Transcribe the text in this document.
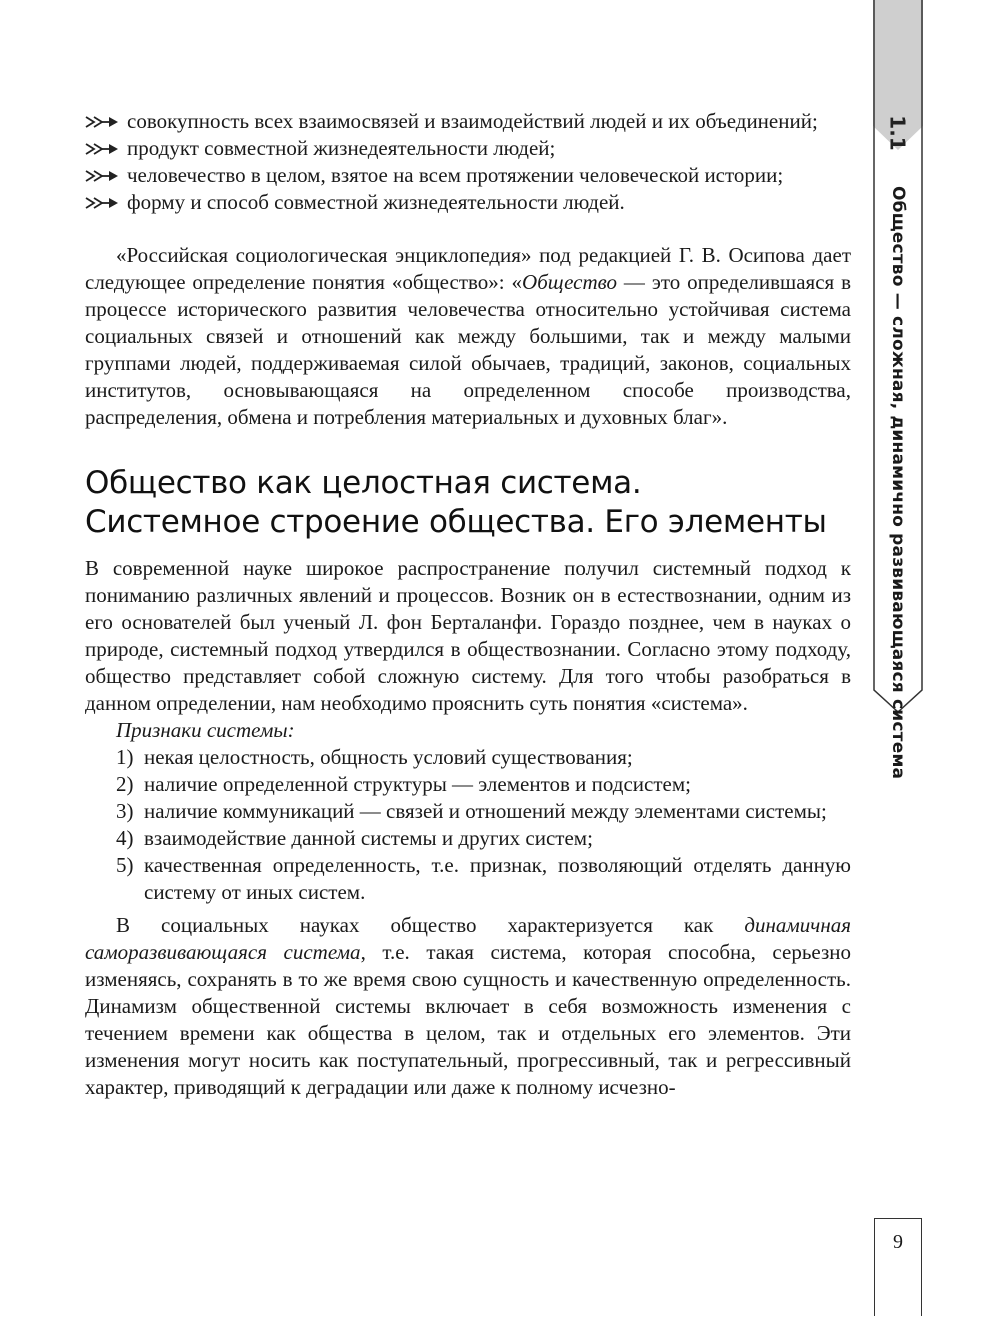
совокупность всех взаимосвязей и взаимодействий людей и их объединений;
продукт совместной жизнедеятельности людей;
человечество в целом, взятое на всем протяжении человеческой истории;
форму и способ совместной жизнедеятельности людей.

«Российская социологическая энциклопедия» под редакцией Г. В. Осипова дает следующее определение понятия «общество»: «Общество — это определившаяся в процессе исторического развития человечества относительно устойчивая система социальных связей и отношений как между большими, так и между малыми группами людей, поддерживаемая силой обычаев, традиций, законов, социальных институтов, основывающаяся на определенном способе производства, распределения, обмена и потребления материальных и духовных благ».

Общество как целостная система.
Системное строение общества. Его элементы

В современной науке широкое распространение получил системный подход к пониманию различных явлений и процессов. Возник он в естествознании, одним из его основателей был ученый Л. фон Берталанфи. Гораздо позднее, чем в науках о природе, системный подход утвердился в обществознании. Согласно этому подходу, общество представляет собой сложную систему. Для того чтобы разобраться в данном определении, нам необходимо прояснить суть понятия «система».

Признаки системы:

1) некая целостность, общность условий существования;
2) наличие определенной структуры — элементов и подсистем;
3) наличие коммуникаций — связей и отношений между элементами системы;
4) взаимодействие данной системы и других систем;
5) качественная определенность, т.е. признак, позволяющий отделять данную систему от иных систем.

В социальных науках общество характеризуется как динамичная саморазвивающаяся система, т.е. такая система, которая способна, серьезно изменяясь, сохранять в то же время свою сущность и качественную определенность. Динамизм общественной системы включает в себя возможность изменения с течением времени как общества в целом, так и отдельных его элементов. Эти изменения могут носить как поступательный, прогрессивный, так и регрессивный характер, приводящий к деградации или даже к полному исчезно-

1.1
Общество — сложная, динамично развивающаяся система
9
